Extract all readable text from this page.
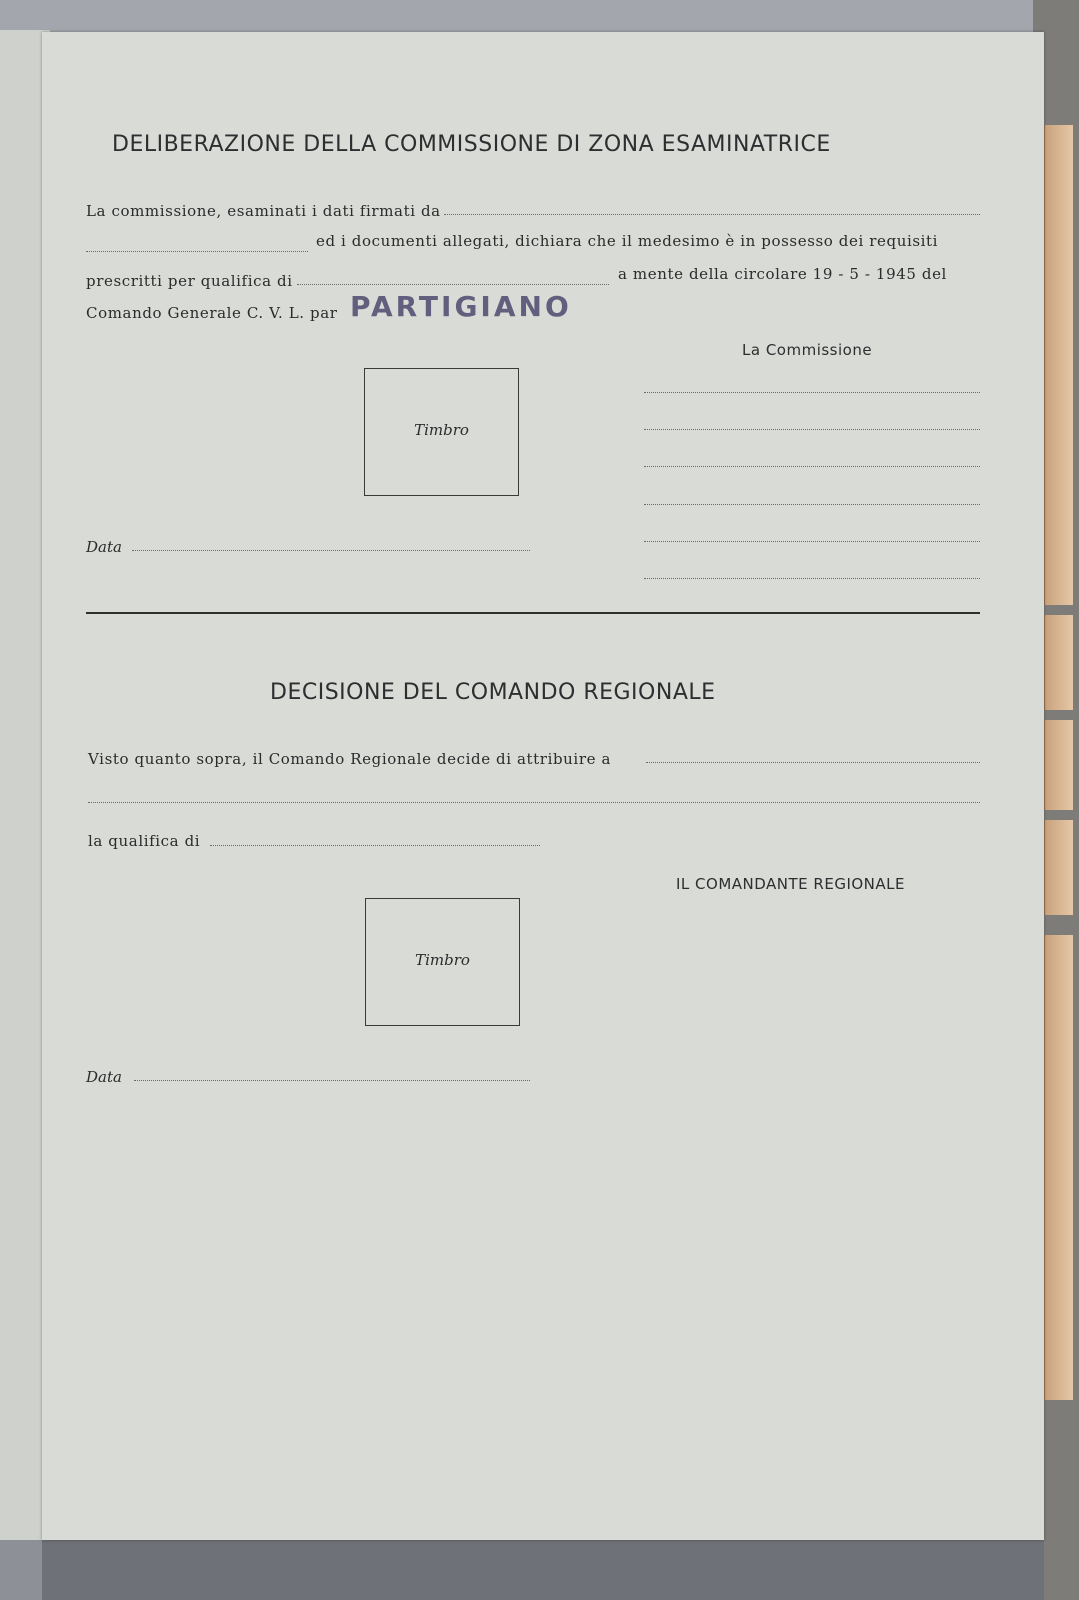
DELIBERAZIONE DELLA COMMISSIONE DI ZONA ESAMINATRICE
La commissione, esaminati i dati firmati da
ed i documenti allegati, dichiara che il medesimo è in possesso dei requisiti
prescritti per qualifica di	a mente della circolare 19 - 5 - 1945 del
Comando Generale C. V. L. par PARTIGIANO
La Commissione
Timbro
Data
DECISIONE DEL COMANDO REGIONALE
Visto quanto sopra, il Comando Regionale decide di attribuire a
la qualifica di
IL COMANDANTE REGIONALE
Timbro
Data
